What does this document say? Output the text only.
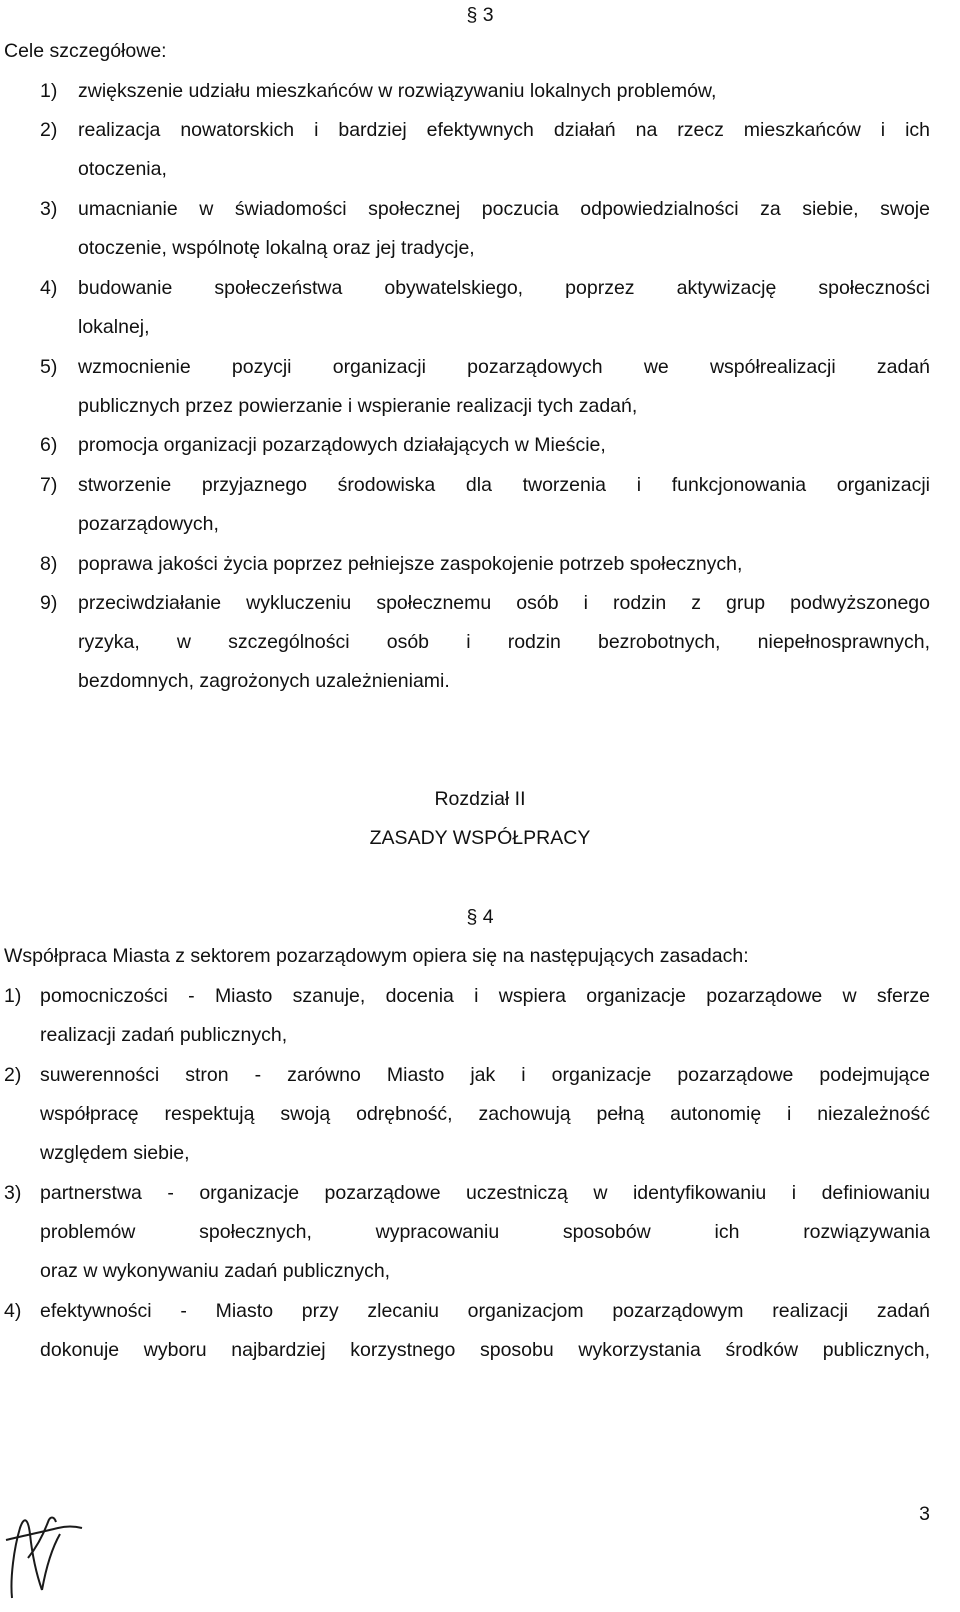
§ 3
Cele szczegółowe:
1) zwiększenie udziału mieszkańców w rozwiązywaniu lokalnych problemów,
2) realizacja nowatorskich i bardziej efektywnych działań na rzecz mieszkańców i ich
otoczenia,
3) umacnianie w świadomości społecznej poczucia odpowiedzialności za siebie, swoje
otoczenie, wspólnotę lokalną oraz jej tradycje,
4) budowanie społeczeństwa obywatelskiego, poprzez aktywizację społeczności
lokalnej,
5) wzmocnienie pozycji organizacji pozarządowych we współrealizacji zadań
publicznych przez powierzanie i wspieranie realizacji tych zadań,
6) promocja organizacji pozarządowych działających w Mieście,
7) stworzenie przyjaznego środowiska dla tworzenia i funkcjonowania organizacji
pozarządowych,
8) poprawa jakości życia poprzez pełniejsze zaspokojenie potrzeb społecznych,
9) przeciwdziałanie wykluczeniu społecznemu osób i rodzin z grup podwyższonego
ryzyka, w szczególności osób i rodzin bezrobotnych, niepełnosprawnych,
bezdomnych, zagrożonych uzależnieniami.
Rozdział II
ZASADY WSPÓŁPRACY
§ 4
Współpraca Miasta z sektorem pozarządowym opiera się na następujących zasadach:
1) pomocniczości - Miasto szanuje, docenia i wspiera organizacje pozarządowe w sferze
realizacji zadań publicznych,
2) suwerenności stron - zarówno Miasto jak i organizacje pozarządowe podejmujące
współpracę respektują swoją odrębność, zachowują pełną autonomię i niezależność
względem siebie,
3) partnerstwa - organizacje pozarządowe uczestniczą w identyfikowaniu i definiowaniu
problemów społecznych, wypracowaniu sposobów ich rozwiązywania
oraz w wykonywaniu zadań publicznych,
4) efektywności - Miasto przy zlecaniu organizacjom pozarządowym realizacji zadań
dokonuje wyboru najbardziej korzystnego sposobu wykorzystania środków publicznych,
3
